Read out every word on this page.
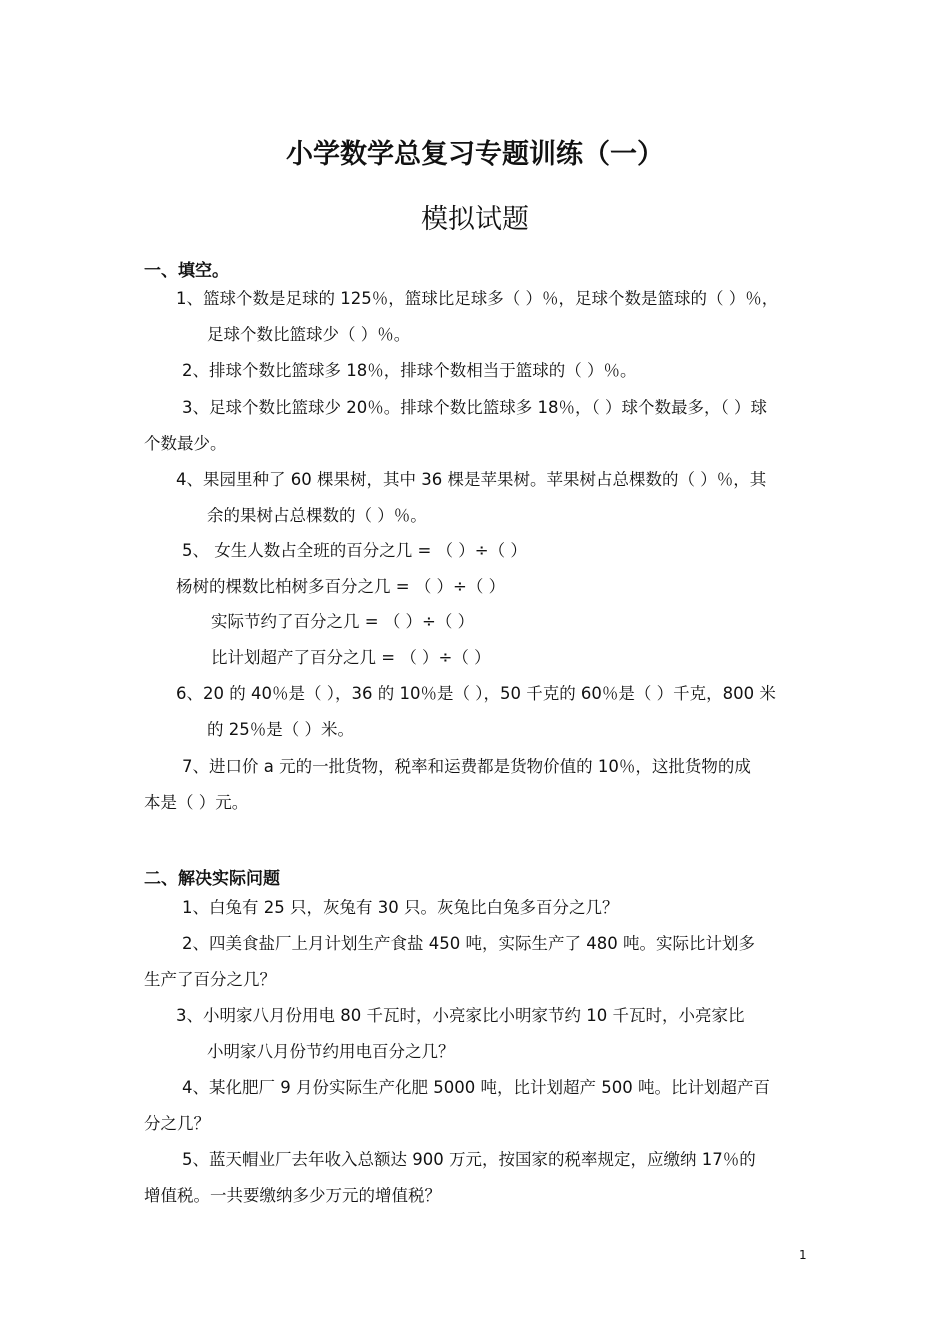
小学数学总复习专题训练（一）
模拟试题
一、填空。
1、篮球个数是足球的 125％，篮球比足球多（ ）％，足球个数是篮球的（ ）％，
足球个数比篮球少（ ）％。
2、排球个数比篮球多 18％，排球个数相当于篮球的（ ）％。
3、足球个数比篮球少 20％。排球个数比篮球多 18％，（ ）球个数最多，（ ）球
个数最少。
4、果园里种了 60 棵果树，其中 36 棵是苹果树。苹果树占总棵数的（ ）％，其
余的果树占总棵数的（ ）％。
5、 女生人数占全班的百分之几 = （ ）÷（ ）
杨树的棵数比柏树多百分之几 = （ ）÷（ ）
实际节约了百分之几 = （ ）÷（ ）
比计划超产了百分之几 = （ ）÷（ ）
6、20 的 40％是（ ），36 的 10％是（ ），50 千克的 60％是（ ）千克，800 米
的 25％是（ ）米。
7、进口价 a 元的一批货物，税率和运费都是货物价值的 10％，这批货物的成
本是（ ）元。
二、解决实际问题
1、白兔有 25 只，灰兔有 30 只。灰兔比白兔多百分之几？
2、四美食盐厂上月计划生产食盐 450 吨，实际生产了 480 吨。实际比计划多
生产了百分之几？
3、小明家八月份用电 80 千瓦时，小亮家比小明家节约 10 千瓦时，小亮家比
小明家八月份节约用电百分之几？
4、某化肥厂 9 月份实际生产化肥 5000 吨，比计划超产 500 吨。比计划超产百
分之几？
5、蓝天帽业厂去年收入总额达 900 万元，按国家的税率规定，应缴纳 17％的
增值税。一共要缴纳多少万元的增值税？
1
